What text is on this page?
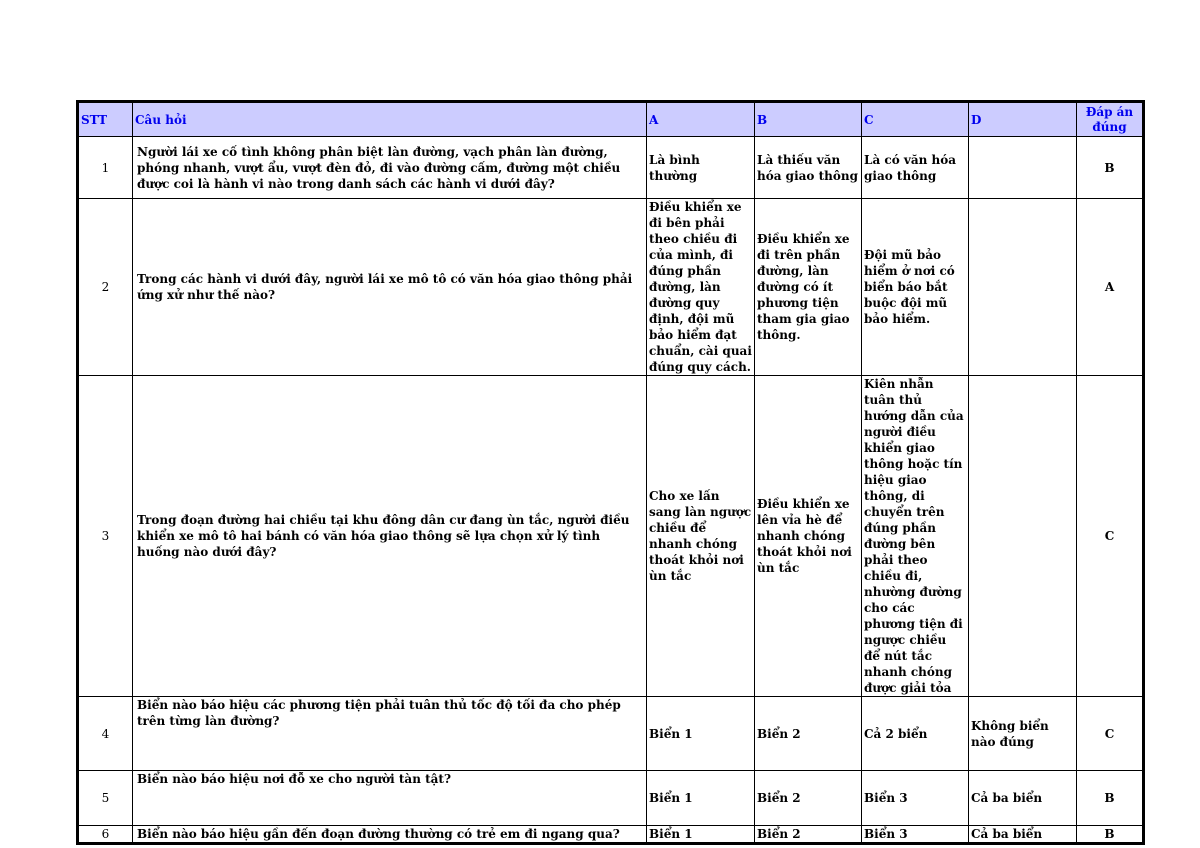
STT	Câu hỏi	A	B	C	D	Đáp án đúng
1	Người lái xe cố tình không phân biệt làn đường, vạch phân làn đường, phóng nhanh, vượt ẩu, vượt đèn đỏ, đi vào đường cấm, đường một chiều được coi là hành vi nào trong danh sách các hành vi dưới đây?	Là bình thường	Là thiếu văn hóa giao thông	Là có văn hóa giao thông		B
2	Trong các hành vi dưới đây, người lái xe mô tô có văn hóa giao thông phải ứng xử như thế nào?	Điều khiển xe đi bên phải theo chiều đi của mình, đi đúng phần đường, làn đường quy định, đội mũ bảo hiểm đạt chuẩn, cài quai đúng quy cách.	Điều khiển xe đi trên phần đường, làn đường có ít phương tiện tham gia giao thông.	Đội mũ bảo hiểm ở nơi có biển báo bắt buộc đội mũ bảo hiểm.		A
3	Trong đoạn đường hai chiều tại khu đông dân cư đang ùn tắc, người điều khiển xe mô tô hai bánh có văn hóa giao thông sẽ lựa chọn xử lý tình huống nào dưới đây?	Cho xe lấn sang làn ngược chiều để nhanh chóng thoát khỏi nơi ùn tắc	Điều khiển xe lên vỉa hè để nhanh chóng thoát khỏi nơi ùn tắc	Kiên nhẫn tuân thủ hướng dẫn của người điều khiển giao thông hoặc tín hiệu giao thông, di chuyển trên đúng phần đường bên phải theo chiều đi, nhường đường cho các phương tiện đi ngược chiều để nút tắc nhanh chóng được giải tỏa		C
4	Biển nào báo hiệu các phương tiện phải tuân thủ tốc độ tối đa cho phép trên từng làn đường?	Biển 1	Biển 2	Cả 2 biển	Không biển nào đúng	C
5	Biển nào báo hiệu nơi đỗ xe cho người tàn tật?	Biển 1	Biển 2	Biển 3	Cả ba biển	B
6	Biển nào báo hiệu gần đến đoạn đường thường có trẻ em đi ngang qua?	Biển 1	Biển 2	Biển 3	Cả ba biển	B
